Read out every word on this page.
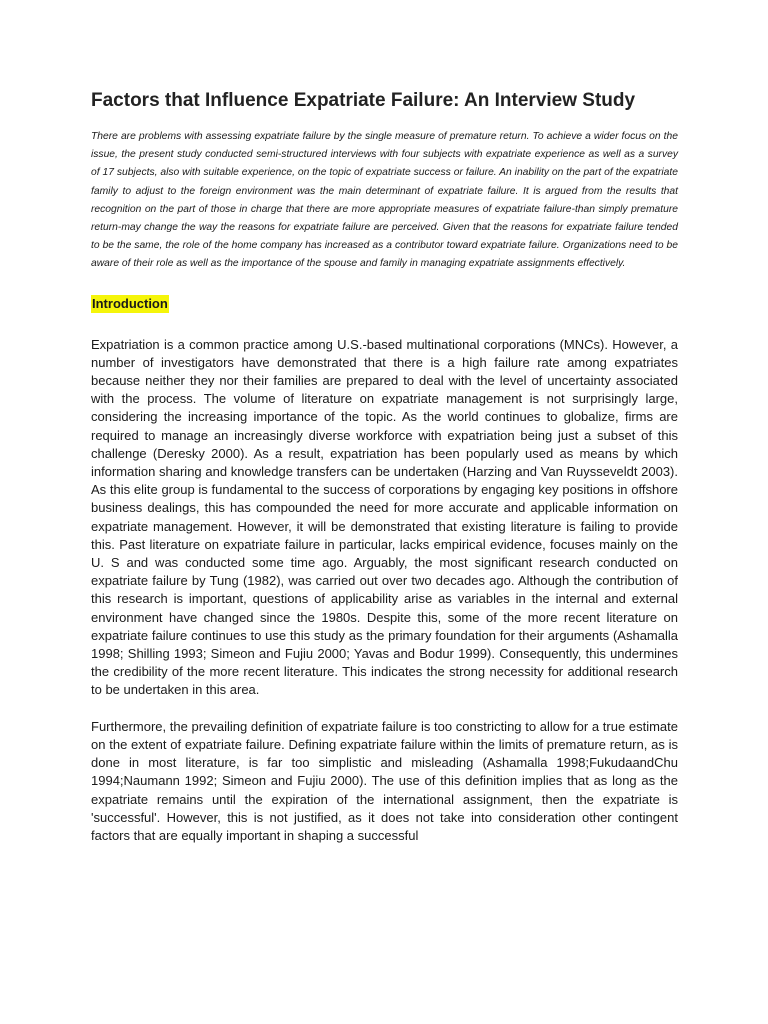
Factors that Influence Expatriate Failure: An Interview Study

There are problems with assessing expatriate failure by the single measure of premature return. To achieve a wider focus on the issue, the present study conducted semi-structured interviews with four subjects with expatriate experience as well as a survey of 17 subjects, also with suitable experience, on the topic of expatriate success or failure. An inability on the part of the expatriate family to adjust to the foreign environment was the main determinant of expatriate failure. It is argued from the results that recognition on the part of those in charge that there are more appropriate measures of expatriate failure-than simply premature return-may change the way the reasons for expatriate failure are perceived. Given that the reasons for expatriate failure tended to be the same, the role of the home company has increased as a contributor toward expatriate failure. Organizations need to be aware of their role as well as the importance of the spouse and family in managing expatriate assignments effectively.

Introduction

Expatriation is a common practice among U.S.-based multinational corporations (MNCs). However, a number of investigators have demonstrated that there is a high failure rate among expatriates because neither they nor their families are prepared to deal with the level of uncertainty associated with the process. The volume of literature on expatriate management is not surprisingly large, considering the increasing importance of the topic. As the world continues to globalize, firms are required to manage an increasingly diverse workforce with expatriation being just a subset of this challenge (Deresky 2000). As a result, expatriation has been popularly used as means by which information sharing and knowledge transfers can be undertaken (Harzing and Van Ruysseveldt 2003). As this elite group is fundamental to the success of corporations by engaging key positions in offshore business dealings, this has compounded the need for more accurate and applicable information on expatriate management. However, it will be demonstrated that existing literature is failing to provide this. Past literature on expatriate failure in particular, lacks empirical evidence, focuses mainly on the U. S and was conducted some time ago. Arguably, the most significant research conducted on expatriate failure by Tung (1982), was carried out over two decades ago. Although the contribution of this research is important, questions of applicability arise as variables in the internal and external environment have changed since the 1980s. Despite this, some of the more recent literature on expatriate failure continues to use this study as the primary foundation for their arguments (Ashamalla 1998; Shilling 1993; Simeon and Fujiu 2000; Yavas and Bodur 1999). Consequently, this undermines the credibility of the more recent literature. This indicates the strong necessity for additional research to be undertaken in this area.

Furthermore, the prevailing definition of expatriate failure is too constricting to allow for a true estimate on the extent of expatriate failure. Defining expatriate failure within the limits of premature return, as is done in most literature, is far too simplistic and misleading (Ashamalla 1998;FukudaandChu 1994;Naumann 1992; Simeon and Fujiu 2000). The use of this definition implies that as long as the expatriate remains until the expiration of the international assignment, then the expatriate is 'successful'. However, this is not justified, as it does not take into consideration other contingent factors that are equally important in shaping a successful
